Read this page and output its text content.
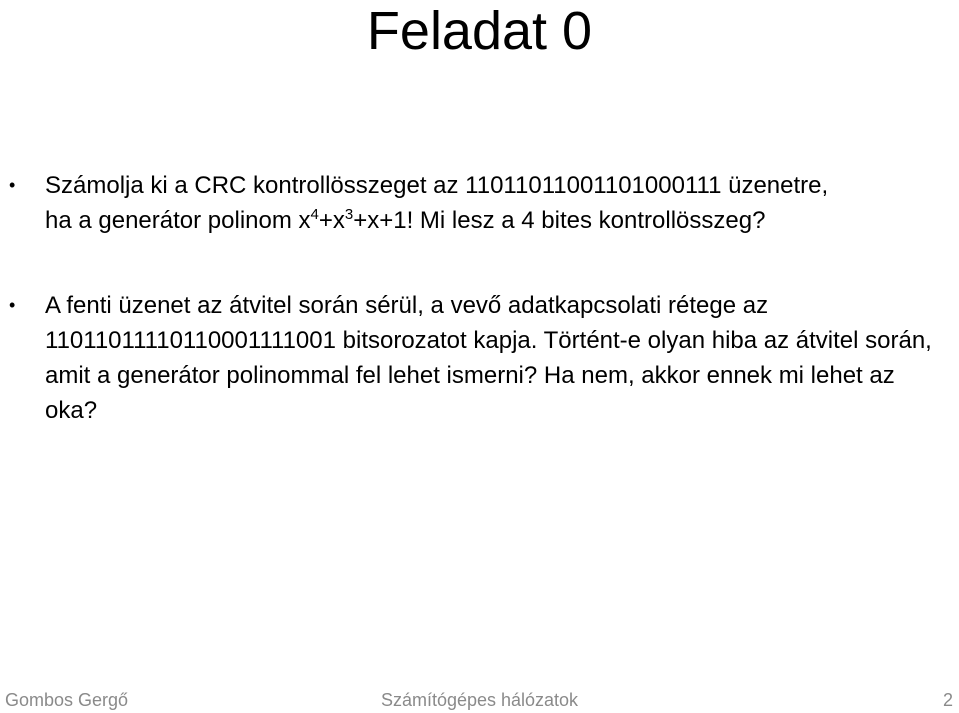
Feladat 0
• Számolja ki a CRC kontrollösszeget az 110110110011010001​11 üzenetre,
ha a generátor polinom $x^4+x^3+x+1$! Mi lesz a 4 bites kontrollösszeg?
• A fenti üzenet az átvitel során sérül, a vevő adatkapcsolati rétege az 1101101111011000111​1001 bitsorozatot kapja. Történt-e olyan hiba az átvitel során, amit a generátor polinommal fel lehet ismerni? Ha nem, akkor ennek mi lehet az oka?
Gombos Gergő	Számítógépes hálózatok	2
